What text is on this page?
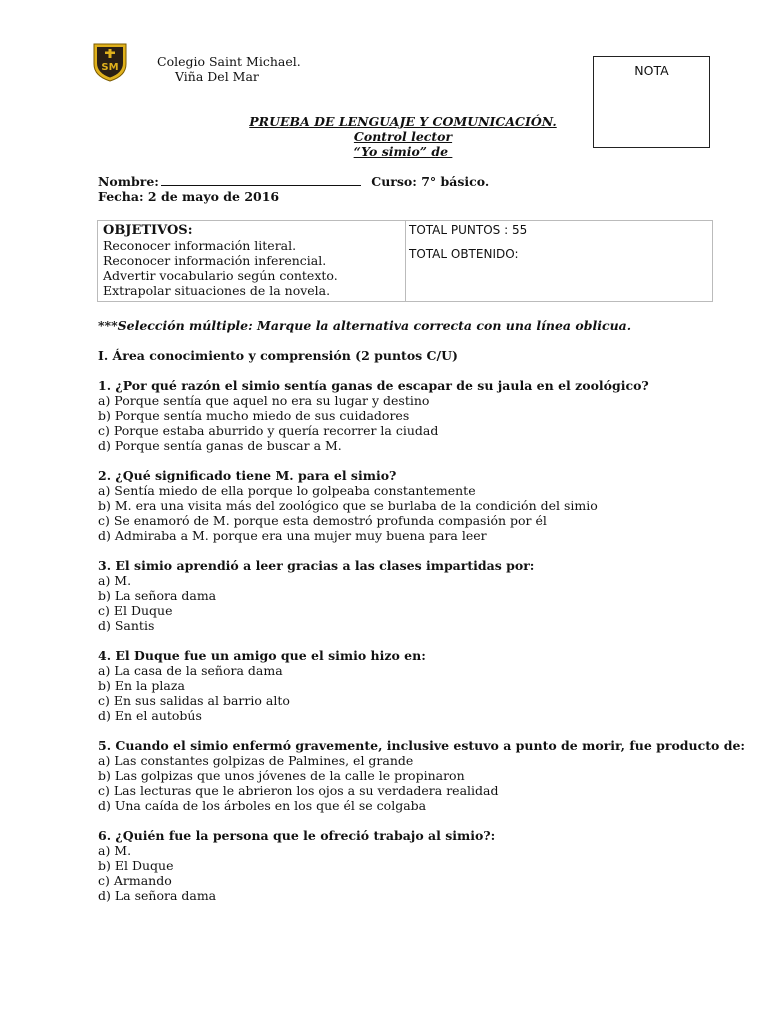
SM	Colegio Saint Michael.
Viña Del Mar	NOTA
PRUEBA DE LENGUAJE Y COMUNICACIÓN.
Control lector
“Yo simio” de
Nombre:	Curso: 7° básico.
Fecha: 2 de mayo de 2016
OBJETIVOS:
Reconocer información literal.
Reconocer información inferencial.
Advertir vocabulario según contexto.
Extrapolar situaciones de la novela.
TOTAL PUNTOS : 55
TOTAL OBTENIDO:
***Selección múltiple: Marque la alternativa correcta con una línea oblicua.
I. Área conocimiento y comprensión (2 puntos C/U)
1. ¿Por qué razón el simio sentía ganas de escapar de su jaula en el zoológico?
a) Porque sentía que aquel no era su lugar y destino
b) Porque sentía mucho miedo de sus cuidadores
c) Porque estaba aburrido y quería recorrer la ciudad
d) Porque sentía ganas de buscar a M.
2. ¿Qué significado tiene M. para el simio?
a) Sentía miedo de ella porque lo golpeaba constantemente
b) M. era una visita más del zoológico que se burlaba de la condición del simio
c) Se enamoró de M. porque esta demostró profunda compasión por él
d) Admiraba a M. porque era una mujer muy buena para leer
3. El simio aprendió a leer gracias a las clases impartidas por:
a) M.
b) La señora dama
c) El Duque
d) Santis
4. El Duque fue un amigo que el simio hizo en:
a) La casa de la señora dama
b) En la plaza
c) En sus salidas al barrio alto
d) En el autobús
5. Cuando el simio enfermó gravemente, inclusive estuvo a punto de morir, fue producto de:
a) Las constantes golpizas de Palmines, el grande
b) Las golpizas que unos jóvenes de la calle le propinaron
c) Las lecturas que le abrieron los ojos a su verdadera realidad
d) Una caída de los árboles en los que él se colgaba
6. ¿Quién fue la persona que le ofreció trabajo al simio?:
a) M.
b) El Duque
c) Armando
d) La señora dama
